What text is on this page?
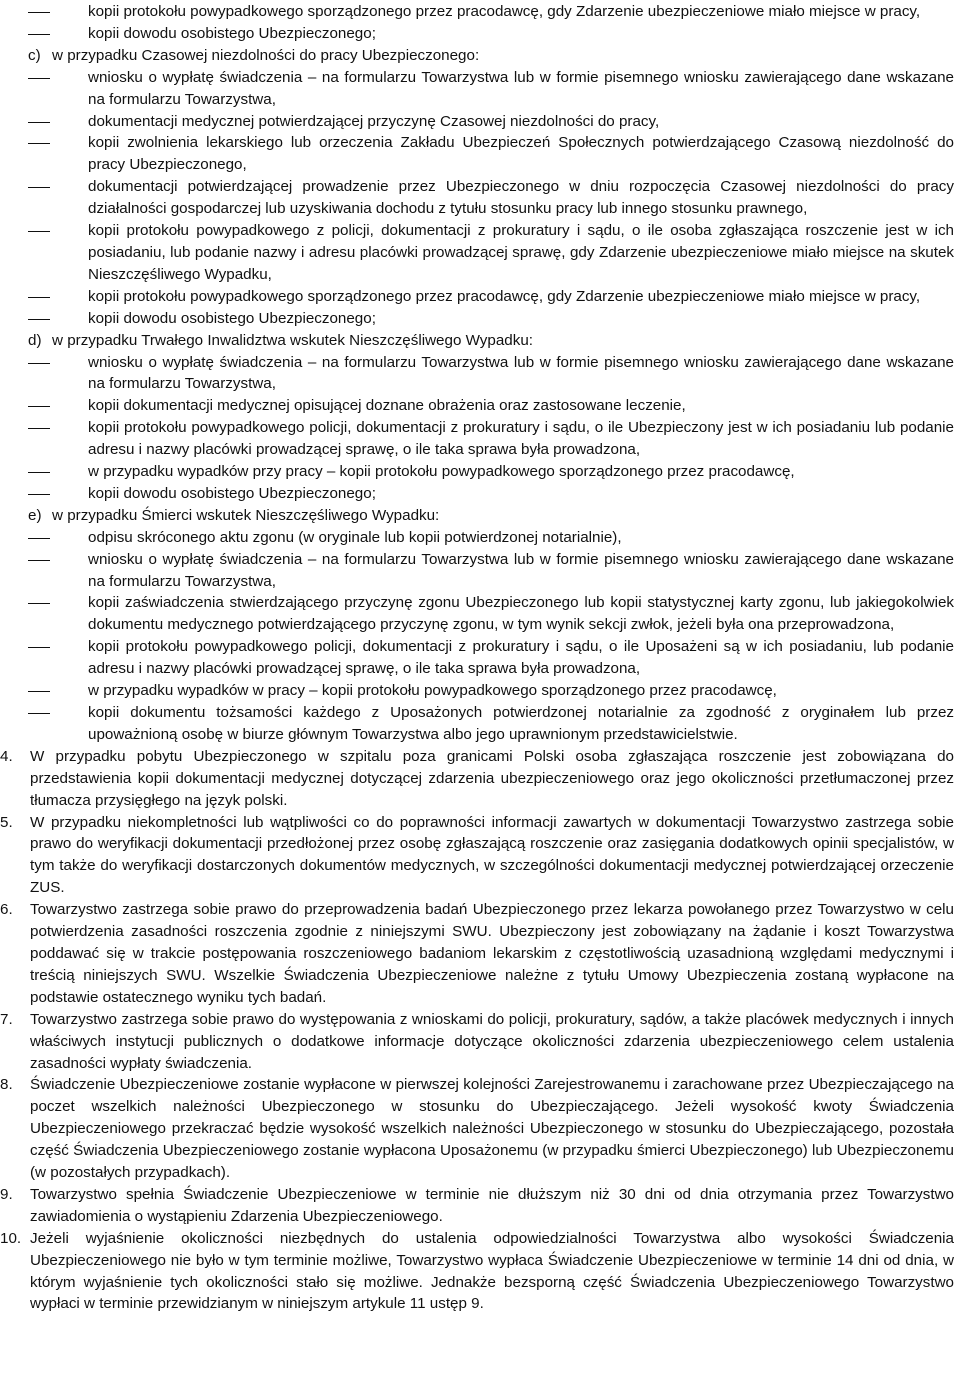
kopii protokołu powypadkowego sporządzonego przez pracodawcę, gdy Zdarzenie ubezpieczeniowe miało miejsce w pracy,
kopii dowodu osobistego Ubezpieczonego;
c) w przypadku Czasowej niezdolności do pracy Ubezpieczonego:
wniosku o wypłatę świadczenia – na formularzu Towarzystwa lub w formie pisemnego wniosku zawierającego dane wskazane na formularzu Towarzystwa,
dokumentacji medycznej potwierdzającej przyczynę Czasowej niezdolności do pracy,
kopii zwolnienia lekarskiego lub orzeczenia Zakładu Ubezpieczeń Społecznych potwierdzającego Czasową niezdolność do pracy Ubezpieczonego,
dokumentacji potwierdzającej prowadzenie przez Ubezpieczonego w dniu rozpoczęcia Czasowej niezdolności do pracy działalności gospodarczej lub uzyskiwania dochodu z tytułu stosunku pracy lub innego stosunku prawnego,
kopii protokołu powypadkowego z policji, dokumentacji z prokuratury i sądu, o ile osoba zgłaszająca roszczenie jest w ich posiadaniu, lub podanie nazwy i adresu placówki prowadzącej sprawę, gdy Zdarzenie ubezpieczeniowe miało miejsce na skutek Nieszczęśliwego Wypadku,
kopii protokołu powypadkowego sporządzonego przez pracodawcę, gdy Zdarzenie ubezpieczeniowe miało miejsce w pracy,
kopii dowodu osobistego Ubezpieczonego;
d) w przypadku Trwałego Inwalidztwa wskutek Nieszczęśliwego Wypadku:
wniosku o wypłatę świadczenia – na formularzu Towarzystwa lub w formie pisemnego wniosku zawierającego dane wskazane na formularzu Towarzystwa,
kopii dokumentacji medycznej opisującej doznane obrażenia oraz zastosowane leczenie,
kopii protokołu powypadkowego policji, dokumentacji z prokuratury i sądu, o ile Ubezpieczony jest w ich posiadaniu lub podanie adresu i nazwy placówki prowadzącej sprawę, o ile taka sprawa była prowadzona,
w przypadku wypadków przy pracy – kopii protokołu powypadkowego sporządzonego przez pracodawcę,
kopii dowodu osobistego Ubezpieczonego;
e) w przypadku Śmierci wskutek Nieszczęśliwego Wypadku:
odpisu skróconego aktu zgonu (w oryginale lub kopii potwierdzonej notarialnie),
wniosku o wypłatę świadczenia – na formularzu Towarzystwa lub w formie pisemnego wniosku zawierającego dane wskazane na formularzu Towarzystwa,
kopii zaświadczenia stwierdzającego przyczynę zgonu Ubezpieczonego lub kopii statystycznej karty zgonu, lub jakiegokolwiek dokumentu medycznego potwierdzającego przyczynę zgonu, w tym wynik sekcji zwłok, jeżeli była ona przeprowadzona,
kopii protokołu powypadkowego policji, dokumentacji z prokuratury i sądu, o ile Uposażeni są w ich posiadaniu, lub podanie adresu i nazwy placówki prowadzącej sprawę, o ile taka sprawa była prowadzona,
w przypadku wypadków w pracy – kopii protokołu powypadkowego sporządzonego przez pracodawcę,
kopii dokumentu tożsamości każdego z Uposażonych potwierdzonej notarialnie za zgodność z oryginałem lub przez upoważnioną osobę w biurze głównym Towarzystwa albo jego uprawnionym przedstawicielstwie.
4. W przypadku pobytu Ubezpieczonego w szpitalu poza granicami Polski osoba zgłaszająca roszczenie jest zobowiązana do przedstawienia kopii dokumentacji medycznej dotyczącej zdarzenia ubezpieczeniowego oraz jego okoliczności przetłumaczonej przez tłumacza przysięgłego na język polski.
5. W przypadku niekompletności lub wątpliwości co do poprawności informacji zawartych w dokumentacji Towarzystwo zastrzega sobie prawo do weryfikacji dokumentacji przedłożonej przez osobę zgłaszającą roszczenie oraz zasięgania dodatkowych opinii specjalistów, w tym także do weryfikacji dostarczonych dokumentów medycznych, w szczególności dokumentacji medycznej potwierdzającej orzeczenie ZUS.
6. Towarzystwo zastrzega sobie prawo do przeprowadzenia badań Ubezpieczonego przez lekarza powołanego przez Towarzystwo w celu potwierdzenia zasadności roszczenia zgodnie z niniejszymi SWU. Ubezpieczony jest zobowiązany na żądanie i koszt Towarzystwa poddawać się w trakcie postępowania roszczeniowego badaniom lekarskim z częstotliwością uzasadnioną względami medycznymi i treścią niniejszych SWU. Wszelkie Świadczenia Ubezpieczeniowe należne z tytułu Umowy Ubezpieczenia zostaną wypłacone na podstawie ostatecznego wyniku tych badań.
7. Towarzystwo zastrzega sobie prawo do występowania z wnioskami do policji, prokuratury, sądów, a także placówek medycznych i innych właściwych instytucji publicznych o dodatkowe informacje dotyczące okoliczności zdarzenia ubezpieczeniowego celem ustalenia zasadności wypłaty świadczenia.
8. Świadczenie Ubezpieczeniowe zostanie wypłacone w pierwszej kolejności Zarejestrowanemu i zarachowane przez Ubezpieczającego na poczet wszelkich należności Ubezpieczonego w stosunku do Ubezpieczającego. Jeżeli wysokość kwoty Świadczenia Ubezpieczeniowego przekraczać będzie wysokość wszelkich należności Ubezpieczonego w stosunku do Ubezpieczającego, pozostała część Świadczenia Ubezpieczeniowego zostanie wypłacona Uposażonemu (w przypadku śmierci Ubezpieczonego) lub Ubezpieczonemu (w pozostałych przypadkach).
9. Towarzystwo spełnia Świadczenie Ubezpieczeniowe w terminie nie dłuższym niż 30 dni od dnia otrzymania przez Towarzystwo zawiadomienia o wystąpieniu Zdarzenia Ubezpieczeniowego.
10. Jeżeli wyjaśnienie okoliczności niezbędnych do ustalenia odpowiedzialności Towarzystwa albo wysokości Świadczenia Ubezpieczeniowego nie było w tym terminie możliwe, Towarzystwo wypłaca Świadczenie Ubezpieczeniowe w terminie 14 dni od dnia, w którym wyjaśnienie tych okoliczności stało się możliwe. Jednakże bezsporną część Świadczenia Ubezpieczeniowego Towarzystwo wypłaci w terminie przewidzianym w niniejszym artykule 11 ustęp 9.
